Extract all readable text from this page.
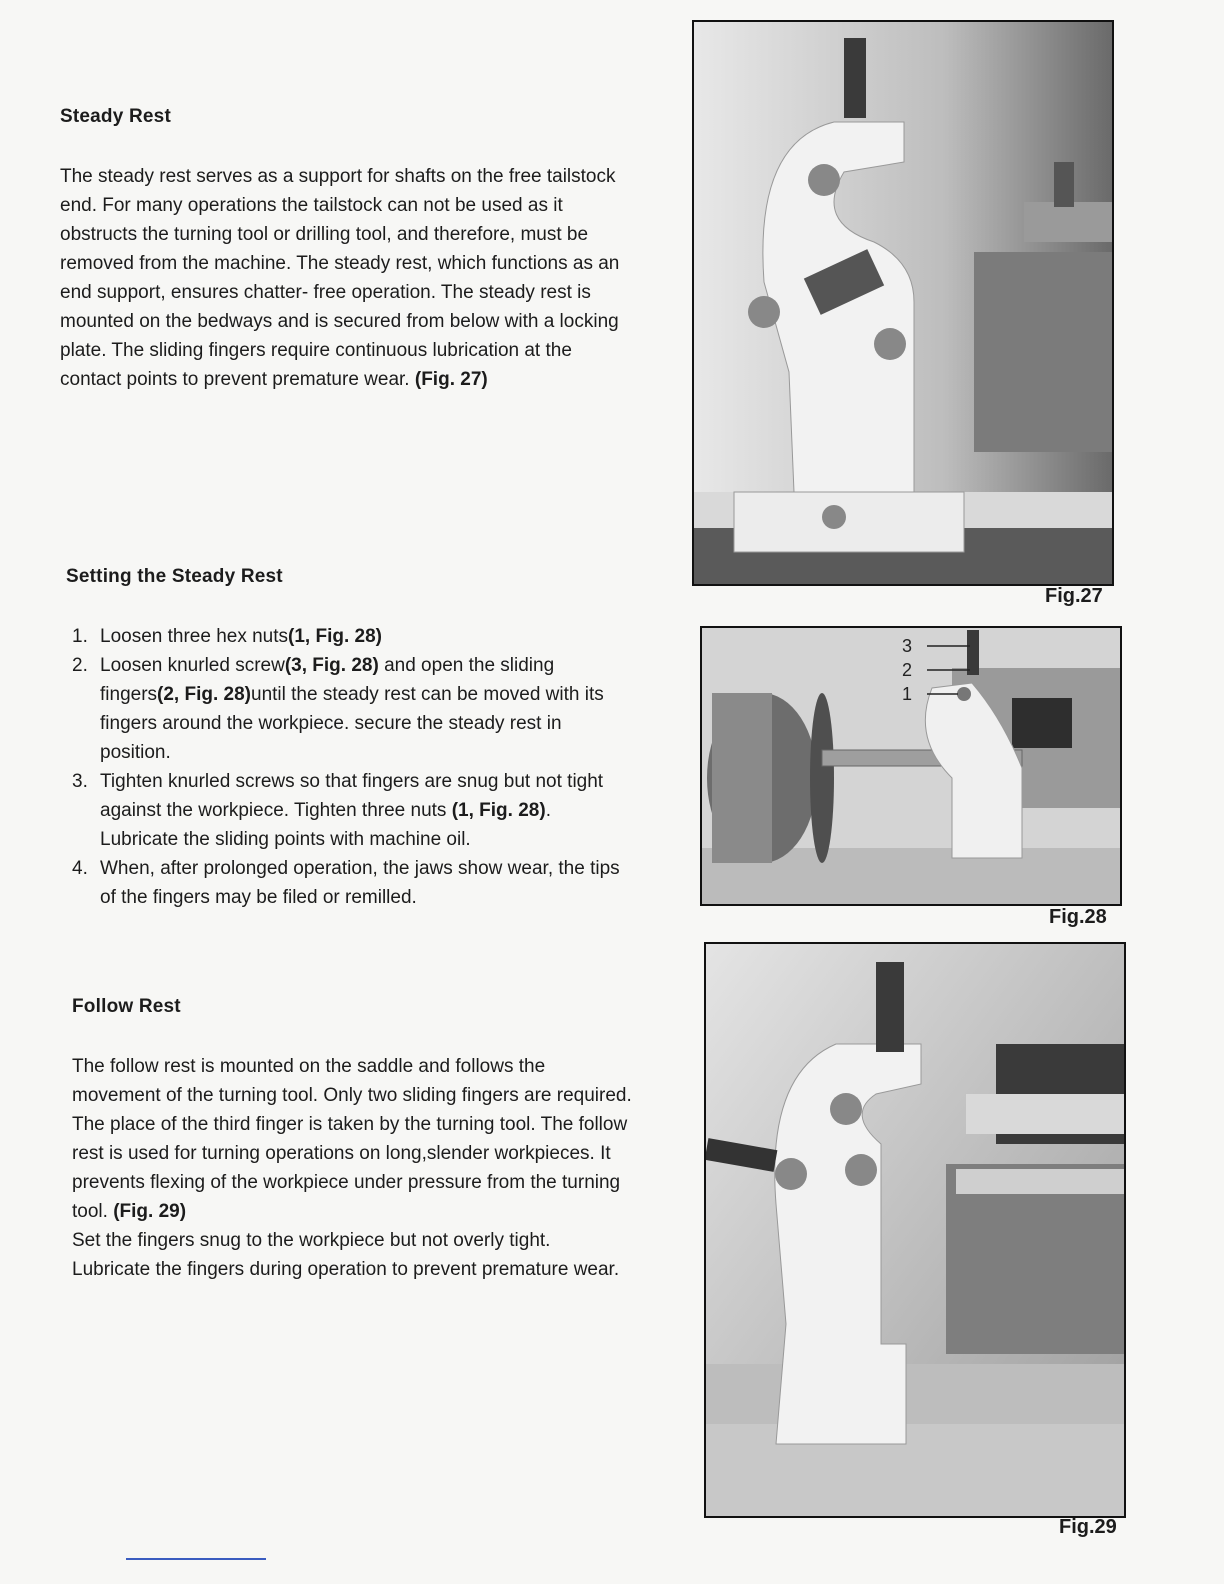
Steady Rest

The steady rest serves as a support for shafts on the free tailstock end. For many operations the tailstock can not be used as it obstructs the turning tool or drilling tool, and therefore, must be removed from the machine. The steady rest, which functions as an end support, ensures chatter- free operation. The steady rest is mounted on the bedways and is secured from below with a locking plate. The sliding fingers require continuous lubrication at the contact points to prevent premature wear. (Fig. 27)

Setting the Steady Rest
1. Loosen three hex nuts(1, Fig. 28)
2. Loosen knurled screw(3, Fig. 28) and open the sliding fingers(2, Fig. 28)until the steady rest can be moved with its fingers around the workpiece. secure the steady rest in position.
3. Tighten knurled screws so that fingers are snug but not tight against the workpiece. Tighten three nuts (1, Fig. 28). Lubricate the sliding points with machine oil.
4. When, after prolonged operation, the jaws show wear, the tips of the fingers may be filed or remilled.
Follow Rest

The follow rest is mounted on the saddle and follows the movement of the turning tool. Only two sliding fingers are required. The place of the third finger is taken by the turning tool. The follow rest is used for turning operations on long,slender workpieces. It prevents flexing of the workpiece under pressure from the turning tool. (Fig. 29)

Set the fingers snug to the workpiece but not overly tight. Lubricate the fingers during operation to prevent premature wear.

Fig.27
3
2
1
Fig.28
Fig.29
